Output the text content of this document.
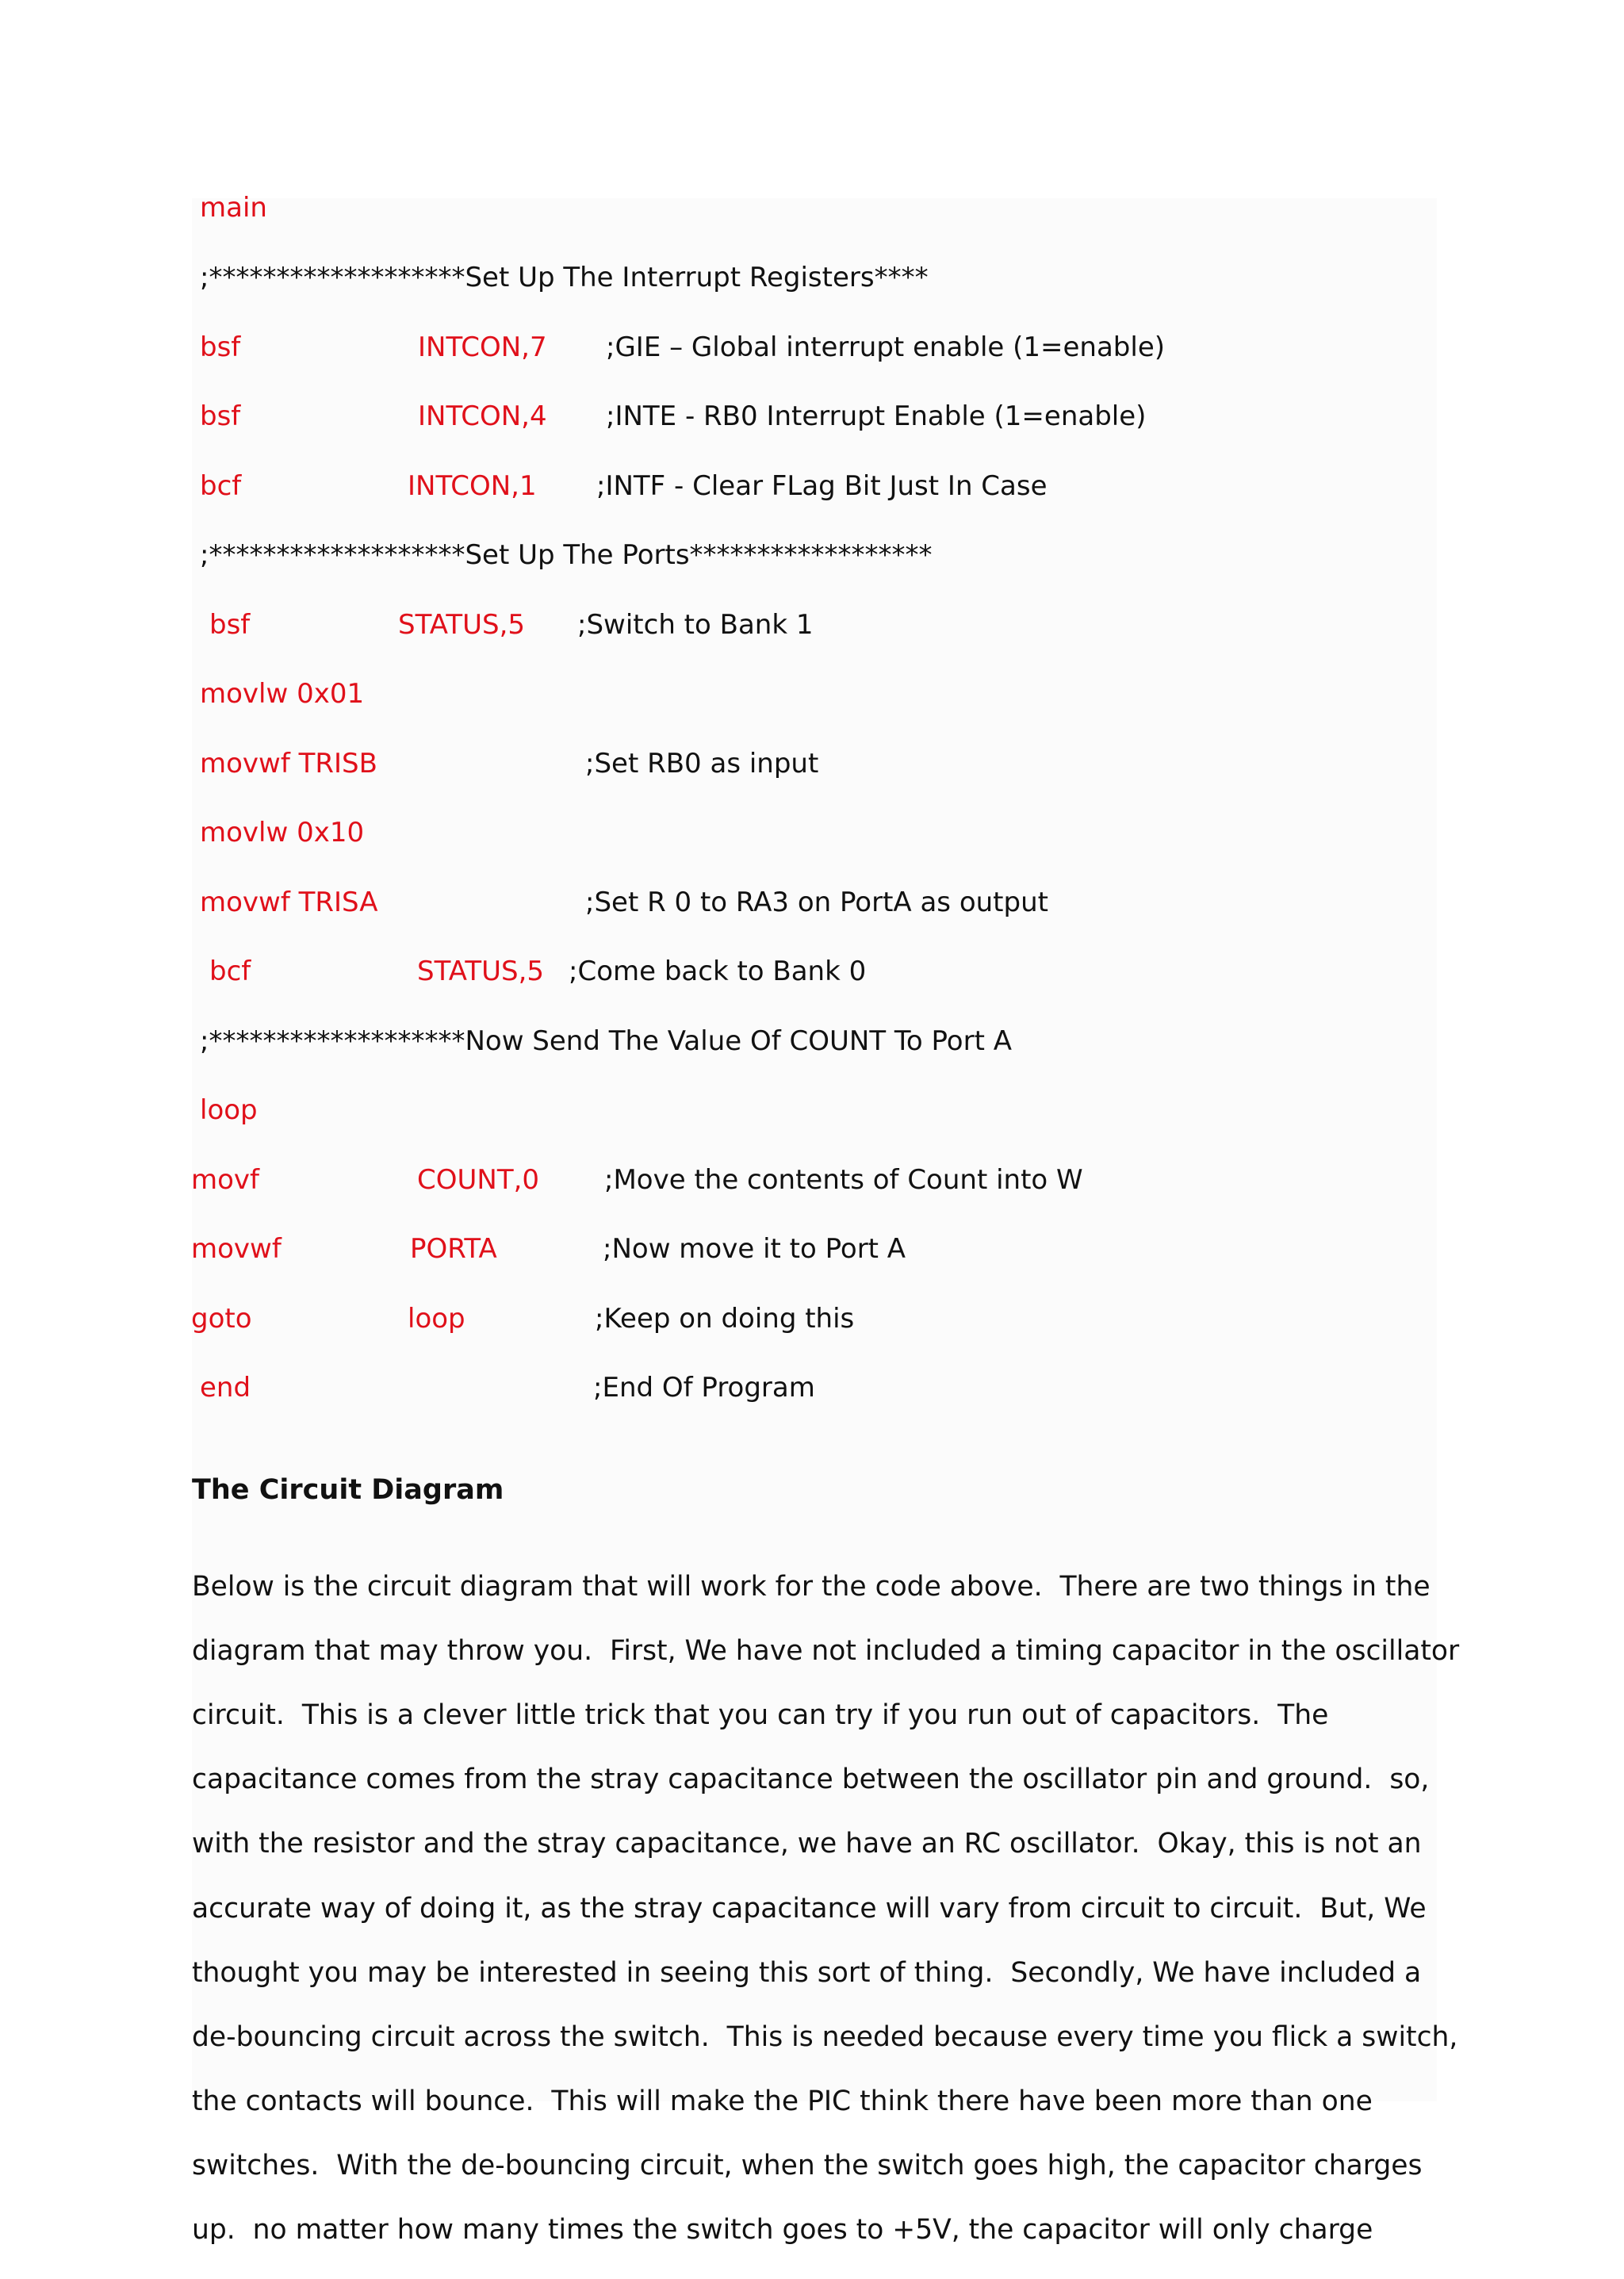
main
;*******************Set Up The Interrupt Registers****
bsf	INTCON,7 ;GIE – Global interrupt enable (1=enable)
bsf	INTCON,4 ;INTE - RB0 Interrupt Enable (1=enable)
bcf	INTCON,1 ;INTF - Clear FLag Bit Just In Case
;*******************Set Up The Ports******************
bsf	STATUS,5 ;Switch to Bank 1
movlw 0x01
movwf TRISB	;Set RB0 as input
movlw 0x10
movwf TRISA	;Set R 0 to RA3 on PortA as output
bcf	STATUS,5 ;Come back to Bank 0
;*******************Now Send The Value Of COUNT To Port A
loop
movf	COUNT,0 ;Move the contents of Count into W
movwf	PORTA	;Now move it to Port A
goto	loop	;Keep on doing this
end	;End Of Program
The Circuit Diagram

Below is the circuit diagram that will work for the code above.  There are two things in the

diagram that may throw you.  First, We have not included a timing capacitor in the oscillator

circuit.  This is a clever little trick that you can try if you run out of capacitors.  The

capacitance comes from the stray capacitance between the oscillator pin and ground.  so,

with the resistor and the stray capacitance, we have an RC oscillator.  Okay, this is not an

accurate way of doing it, as the stray capacitance will vary from circuit to circuit.  But, We

thought you may be interested in seeing this sort of thing.  Secondly, We have included a

de-bouncing circuit across the switch.  This is needed because every time you flick a switch,

the contacts will bounce.  This will make the PIC think there have been more than one

switches.  With the de-bouncing circuit, when the switch goes high, the capacitor charges

up.  no matter how many times the switch goes to +5V, the capacitor will only charge
